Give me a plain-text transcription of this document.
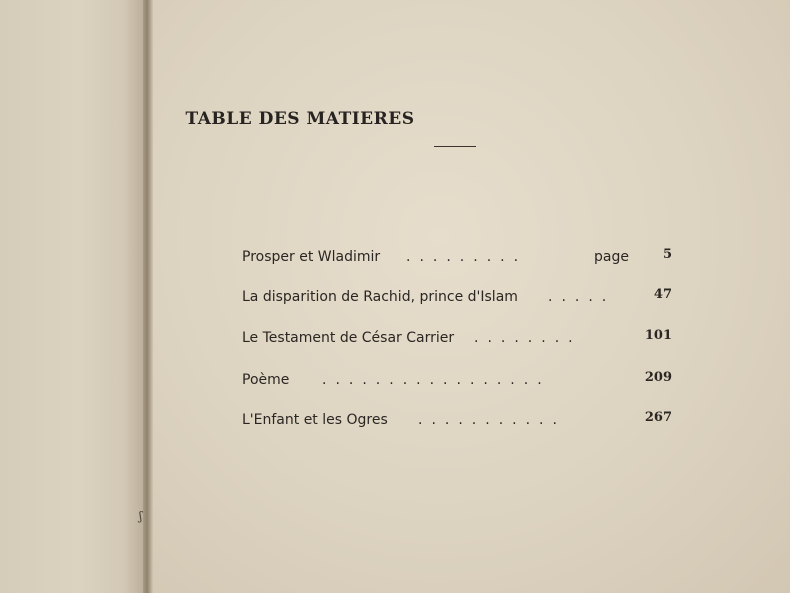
ʃ
TABLE DES MATIERES
Prosper et Wladimir .........	page	5
La disparition de Rachid, prince d'Islam .....	47
Le Testament de César Carrier ........	101
Poème .................	209
L'Enfant et les Ogres ...........	267
